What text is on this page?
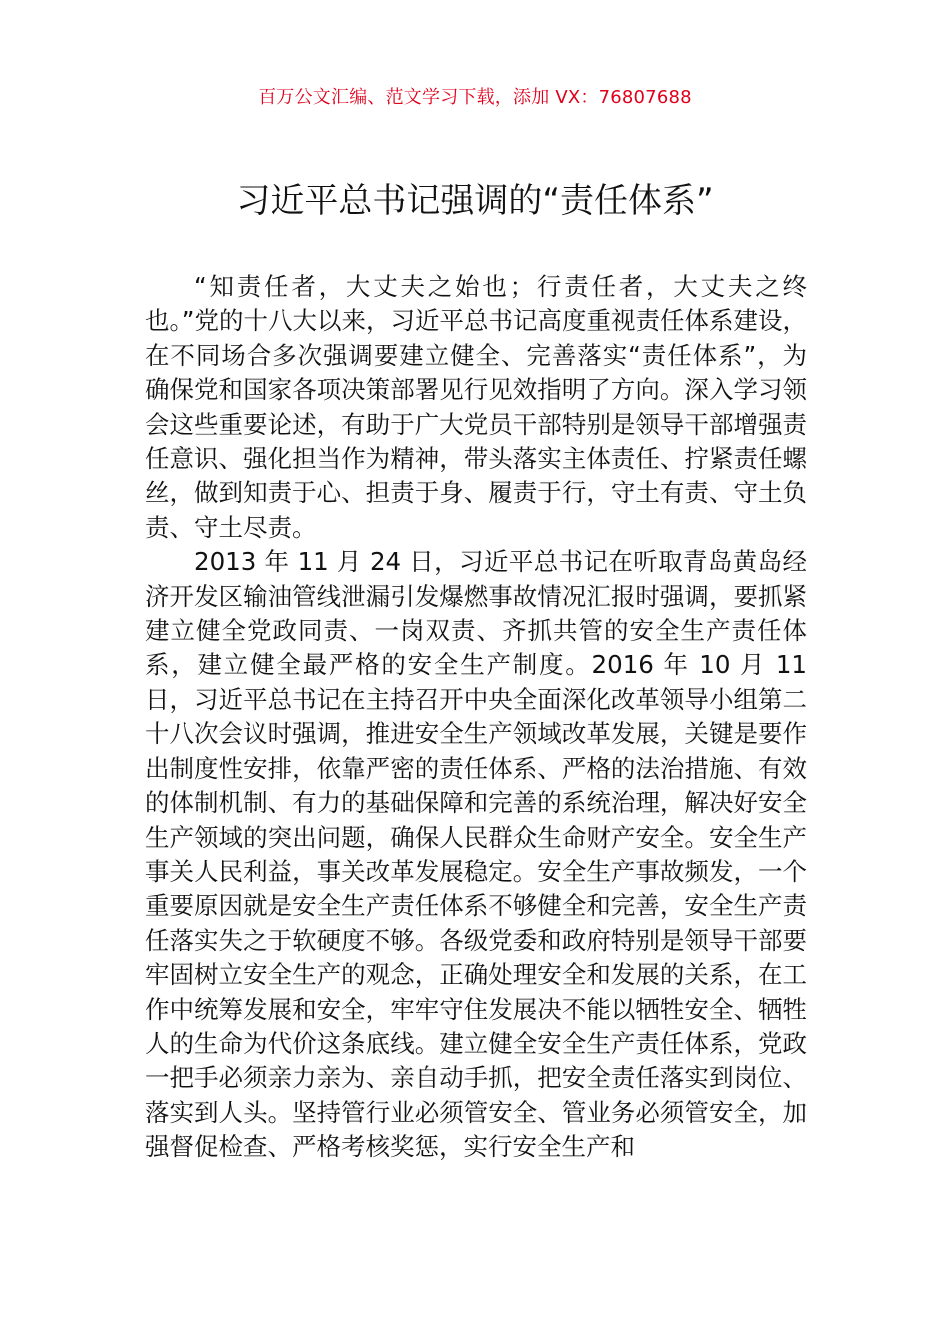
百万公文汇编、范文学习下载，添加 VX：76807688
习近平总书记强调的“责任体系”

“知责任者，大丈夫之始也；行责任者，大丈夫之终也。”党的十八大以来，习近平总书记高度重视责任体系建设，在不同场合多次强调要建立健全、完善落实“责任体系”，为确保党和国家各项决策部署见行见效指明了方向。深入学习领会这些重要论述，有助于广大党员干部特别是领导干部增强责任意识、强化担当作为精神，带头落实主体责任、拧紧责任螺丝，做到知责于心、担责于身、履责于行，守土有责、守土负责、守土尽责。

2013 年 11 月 24 日，习近平总书记在听取青岛黄岛经济开发区输油管线泄漏引发爆燃事故情况汇报时强调，要抓紧建立健全党政同责、一岗双责、齐抓共管的安全生产责任体系，建立健全最严格的安全生产制度。2016 年 10 月 11 日，习近平总书记在主持召开中央全面深化改革领导小组第二十八次会议时强调，推进安全生产领域改革发展，关键是要作出制度性安排，依靠严密的责任体系、严格的法治措施、有效的体制机制、有力的基础保障和完善的系统治理，解决好安全生产领域的突出问题，确保人民群众生命财产安全。安全生产事关人民利益，事关改革发展稳定。安全生产事故频发，一个重要原因就是安全生产责任体系不够健全和完善，安全生产责任落实失之于软硬度不够。各级党委和政府特别是领导干部要牢固树立安全生产的观念，正确处理安全和发展的关系，在工作中统筹发展和安全，牢牢守住发展决不能以牺牲安全、牺牲人的生命为代价这条底线。建立健全安全生产责任体系，党政一把手必须亲力亲为、亲自动手抓，把安全责任落实到岗位、落实到人头。坚持管行业必须管安全、管业务必须管安全，加强督促检查、严格考核奖惩，实行安全生产和
